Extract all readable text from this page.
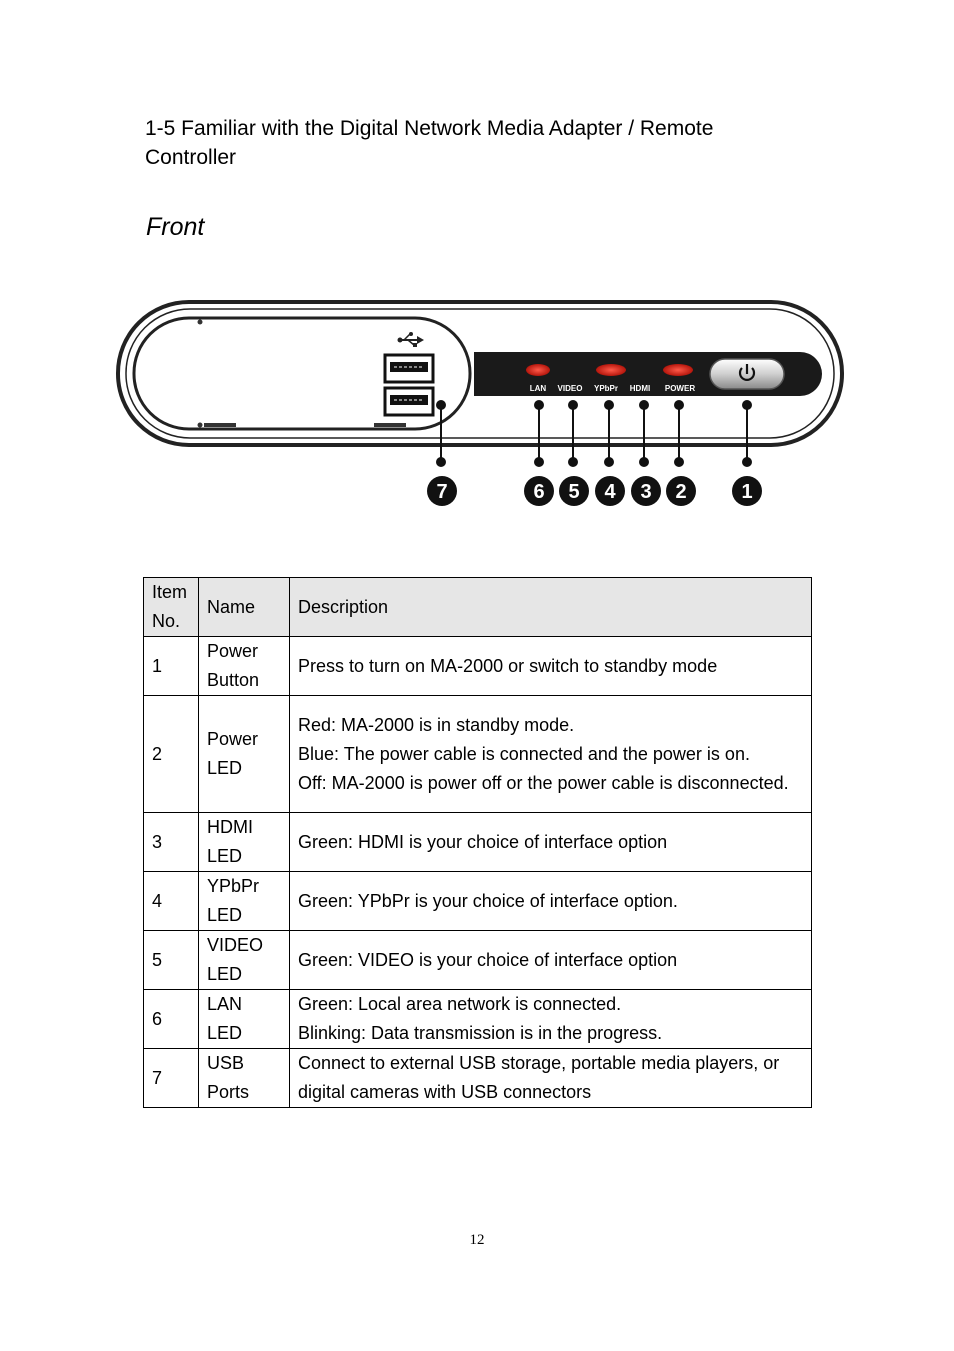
1-5 Familiar with the Digital Network Media Adapter / Remote Controller
Front
LAN VIDEO YPbPr HDMI POWER
7	6 5 4 3 2	1
Item No.	Name	Description
1	Power Button	Press to turn on MA-2000 or switch to standby mode

2	Power LED	Red: MA-2000 is in standby mode.
Blue: The power cable is connected and the power is on.
Off: MA-2000 is power off or the power cable is disconnected.

3	HDMI LED	Green: HDMI is your choice of interface option

4	YPbPr LED	Green: YPbPr is your choice of interface option.

5	VIDEO LED	Green: VIDEO is your choice of interface option

6	LAN LED	Green: Local area network is connected.
Blinking: Data transmission is in the progress.

7	USB Ports	Connect to external USB storage, portable media players, or digital cameras with USB connectors
12
